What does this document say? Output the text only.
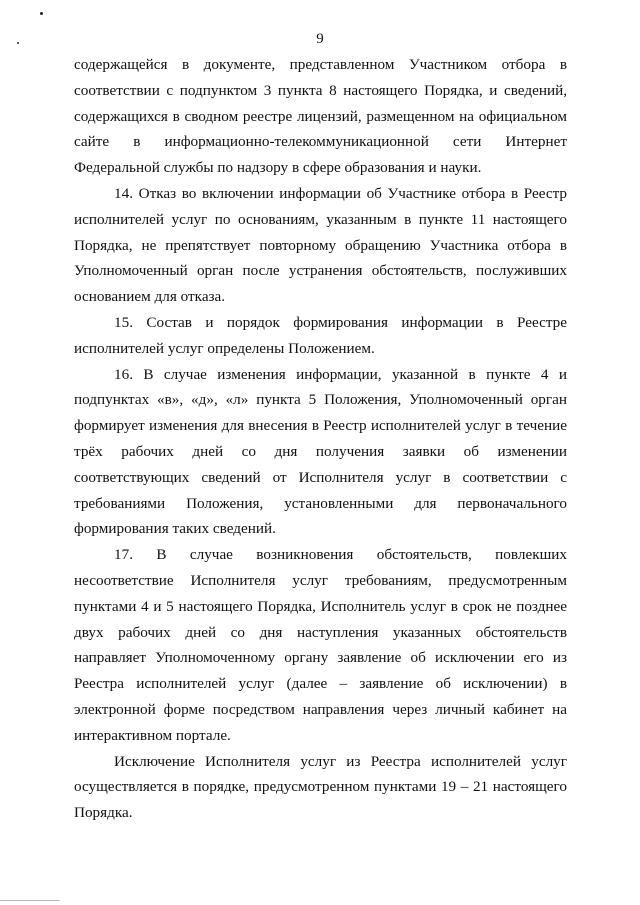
9

содержащейся в документе, представленном Участником отбора в соответствии с подпунктом 3 пункта 8 настоящего Порядка, и сведений, содержащихся в сводном реестре лицензий, размещенном на официальном сайте в информационно-телекоммуникационной сети Интернет Федеральной службы по надзору в сфере образования и науки.

14. Отказ во включении информации об Участнике отбора в Реестр исполнителей услуг по основаниям, указанным в пункте 11 настоящего Порядка, не препятствует повторному обращению Участника отбора в Уполномоченный орган после устранения обстоятельств, послуживших основанием для отказа.

15. Состав и порядок формирования информации в Реестре исполнителей услуг определены Положением.

16. В случае изменения информации, указанной в пункте 4 и подпунктах «в», «д», «л» пункта 5 Положения, Уполномоченный орган формирует изменения для внесения в Реестр исполнителей услуг в течение трёх рабочих дней со дня получения заявки об изменении соответствующих сведений от Исполнителя услуг в соответствии с требованиями Положения, установленными для первоначального формирования таких сведений.

17. В случае возникновения обстоятельств, повлекших несоответствие Исполнителя услуг требованиям, предусмотренным пунктами 4 и 5 настоящего Порядка, Исполнитель услуг в срок не позднее двух рабочих дней со дня наступления указанных обстоятельств направляет Уполномоченному органу заявление об исключении его из Реестра исполнителей услуг (далее – заявление об исключении) в электронной форме посредством направления через личный кабинет на интерактивном портале.

Исключение Исполнителя услуг из Реестра исполнителей услуг осуществляется в порядке, предусмотренном пунктами 19 – 21 настоящего Порядка.
